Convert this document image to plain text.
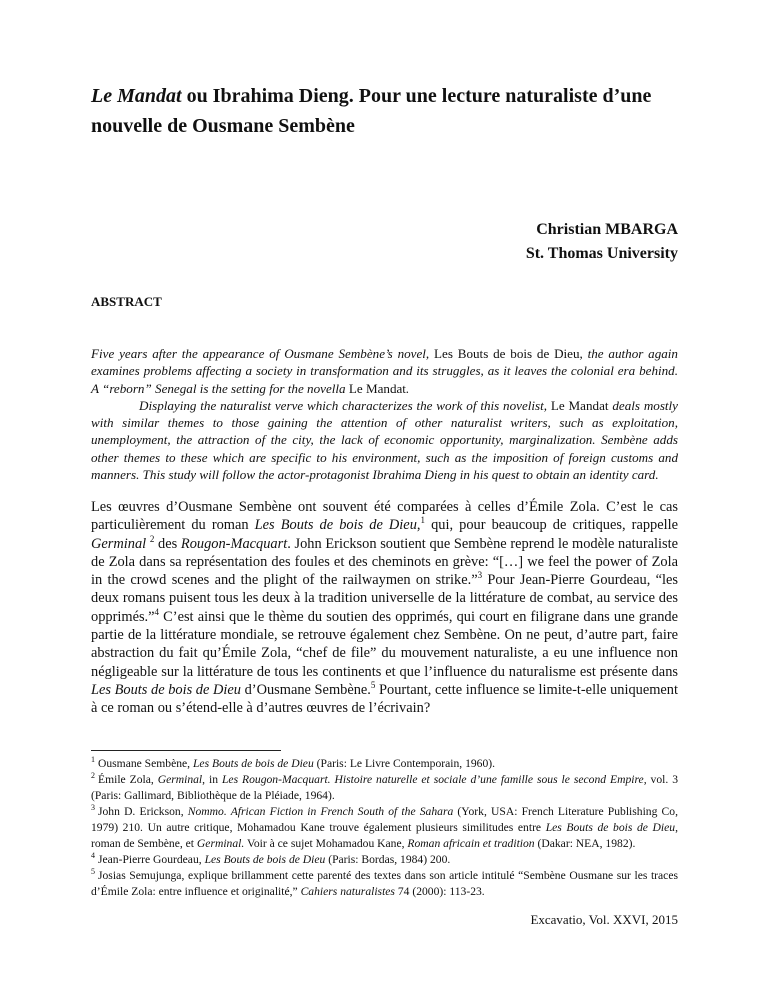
Le Mandat ou Ibrahima Dieng. Pour une lecture naturaliste d’une nouvelle de Ousmane Sembène
Christian MBARGA
St. Thomas University
ABSTRACT

Five years after the appearance of Ousmane Sembène’s novel, Les Bouts de bois de Dieu, the author again examines problems affecting a society in transformation and its struggles, as it leaves the colonial era behind. A “reborn” Senegal is the setting for the novella Le Mandat.

Displaying the naturalist verve which characterizes the work of this novelist, Le Mandat deals mostly with similar themes to those gaining the attention of other naturalist writers, such as exploitation, unemployment, the attraction of the city, the lack of economic opportunity, marginalization. Sembène adds other themes to these which are specific to his environment, such as the imposition of foreign customs and manners. This study will follow the actor-protagonist Ibrahima Dieng in his quest to obtain an identity card.

Les œuvres d’Ousmane Sembène ont souvent été comparées à celles d’Émile Zola. C’est le cas particulièrement du roman Les Bouts de bois de Dieu,$^1$ qui, pour beaucoup de critiques, rappelle Germinal $^2$ des Rougon-Macquart. John Erickson soutient que Sembène reprend le modèle naturaliste de Zola dans sa représentation des foules et des cheminots en grève: “[…] we feel the power of Zola in the crowd scenes and the plight of the railwaymen on strike.”$^3$ Pour Jean-Pierre Gourdeau, “les deux romans puisent tous les deux à la tradition universelle de la littérature de combat, au service des opprimés.”$^4$ C’est ainsi que le thème du soutien des opprimés, qui court en filigrane dans une grande partie de la littérature mondiale, se retrouve également chez Sembène. On ne peut, d’autre part, faire abstraction du fait qu’Émile Zola, “chef de file” du mouvement naturaliste, a eu une influence non négligeable sur la littérature de tous les continents et que l’influence du naturalisme est présente dans Les Bouts de bois de Dieu d’Ousmane Sembène.$^5$ Pourtant, cette influence se limite-t-elle uniquement à ce roman ou s’étend-elle à d’autres œuvres de l’écrivain?

$^1$ Ousmane Sembène, Les Bouts de bois de Dieu (Paris: Le Livre Contemporain, 1960).

$^2$ Émile Zola, Germinal, in Les Rougon-Macquart. Histoire naturelle et sociale d’une famille sous le second Empire, vol. 3 (Paris: Gallimard, Bibliothèque de la Pléiade, 1964).

$^3$ John D. Erickson, Nommo. African Fiction in French South of the Sahara (York, USA: French Literature Publishing Co, 1979) 210. Un autre critique, Mohamadou Kane trouve également plusieurs similitudes entre Les Bouts de bois de Dieu, roman de Sembène, et Germinal. Voir à ce sujet Mohamadou Kane, Roman africain et tradition (Dakar: NEA, 1982).

$^4$ Jean-Pierre Gourdeau, Les Bouts de bois de Dieu (Paris: Bordas, 1984) 200.

$^5$ Josias Semujunga, explique brillamment cette parenté des textes dans son article intitulé “Sembène Ousmane sur les traces d’Émile Zola: entre influence et originalité,” Cahiers naturalistes 74 (2000): 113-23.

Excavatio, Vol. XXVI, 2015
